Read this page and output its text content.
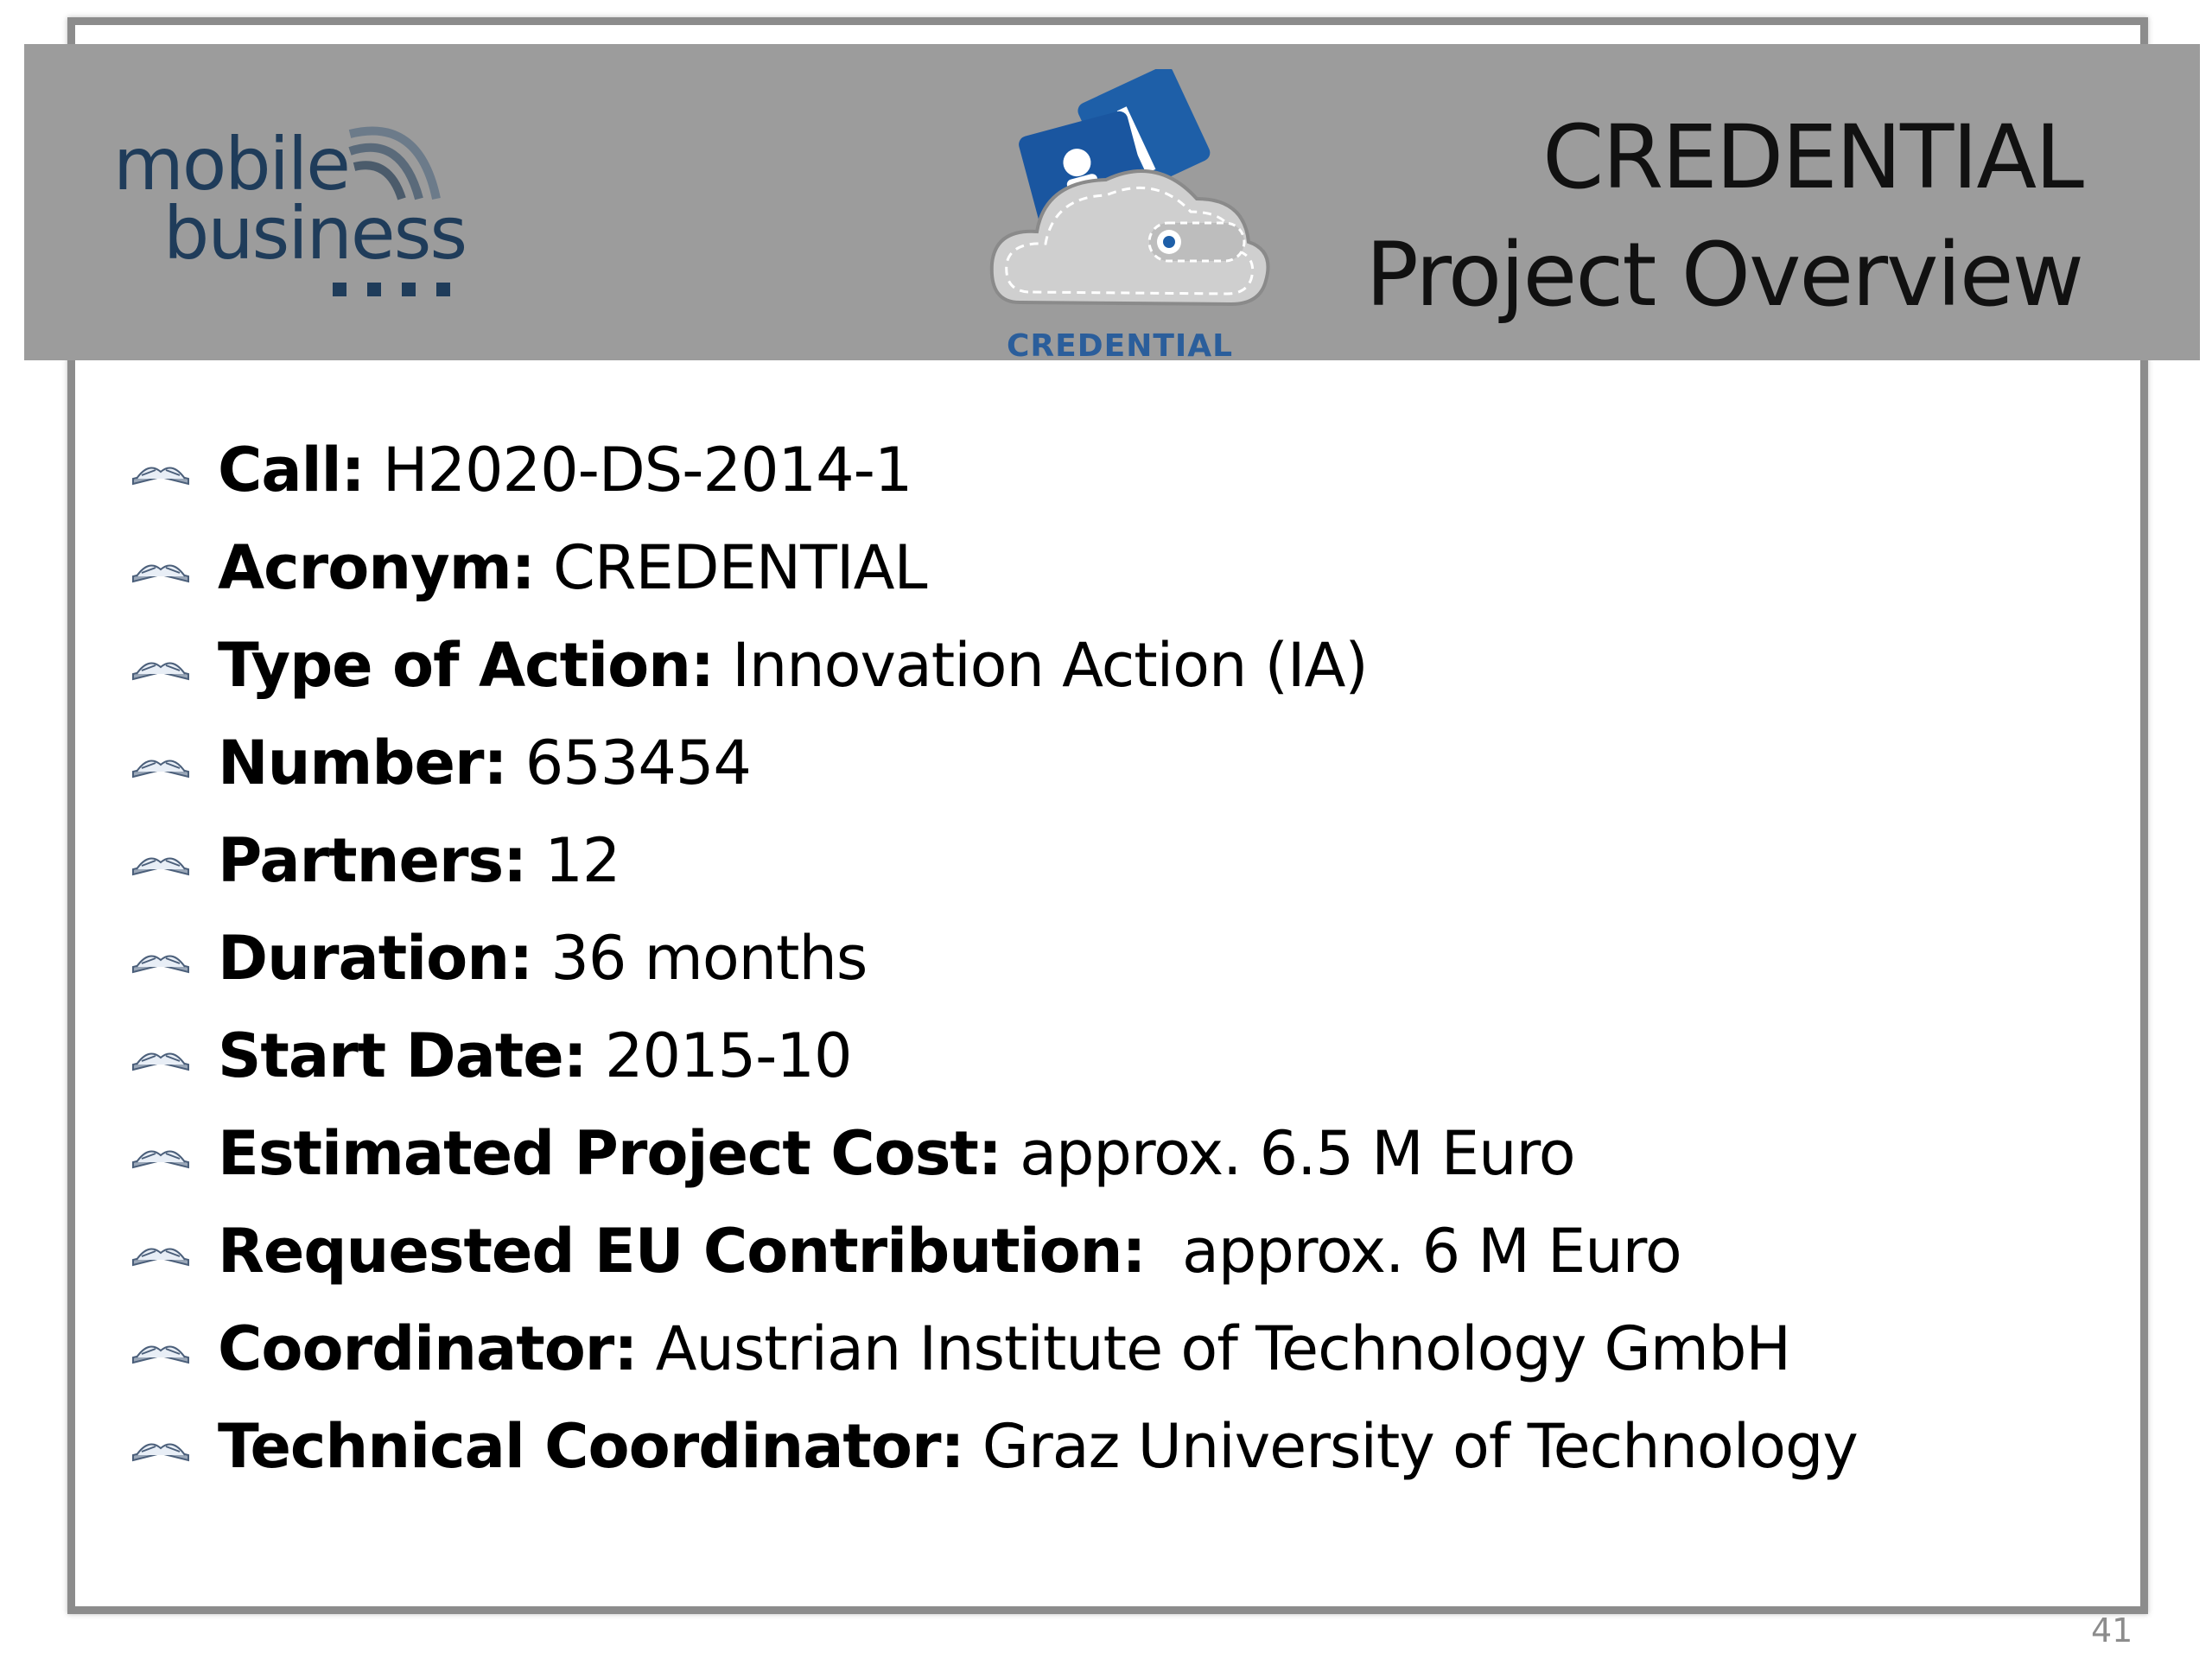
mobile
business
CREDENTIAL
CREDENTIAL
Project Overview
Call: H2020-DS-2014-1
Acronym: CREDENTIAL
Type of Action: Innovation Action (IA)
Number: 653454
Partners: 12
Duration: 36 months
Start Date: 2015-10
Estimated Project Cost: approx. 6.5 M Euro
Requested EU Contribution: approx. 6 M Euro
Coordinator: Austrian Institute of Technology GmbH
Technical Coordinator: Graz University of Technology
41
